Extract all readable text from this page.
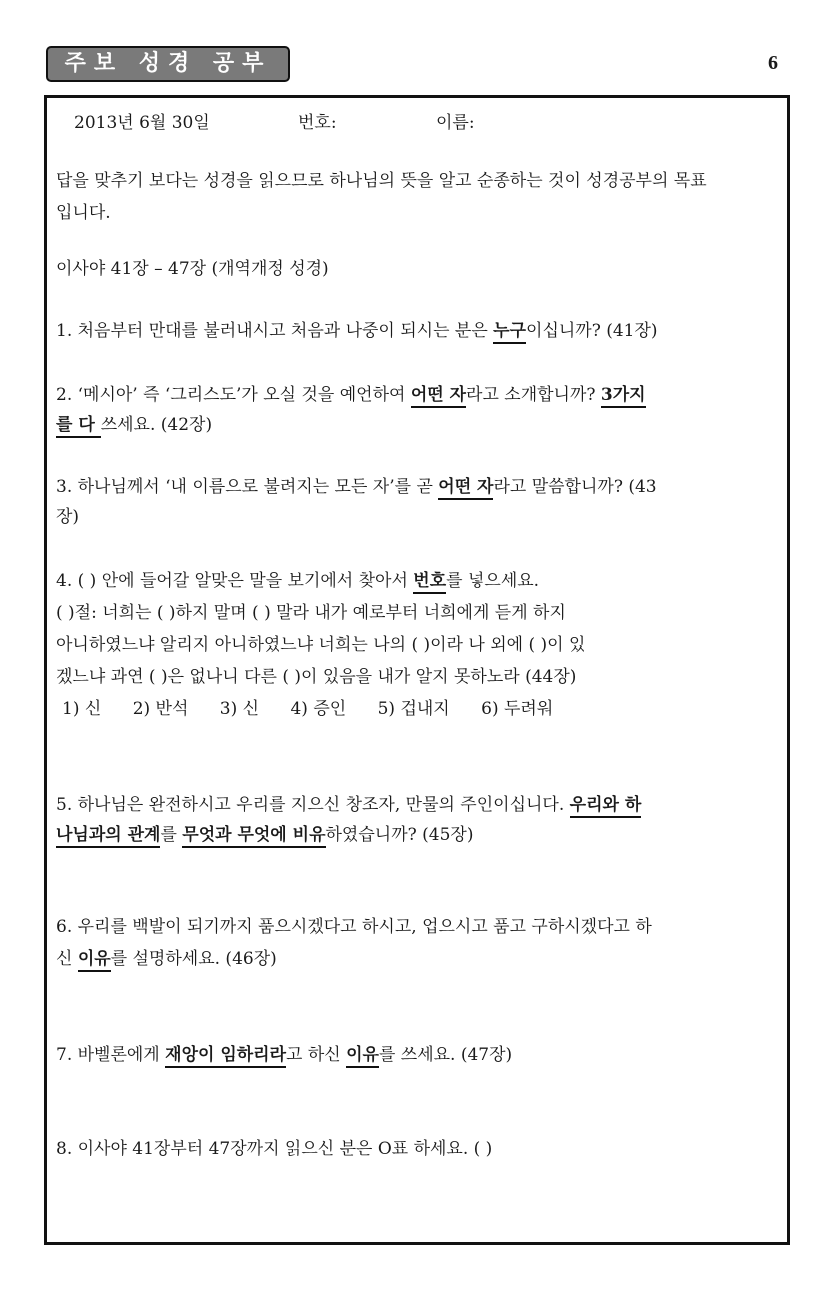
주보 성경 공부	6
2013년 6월 30일	번호:	이름:
답을 맞추기 보다는 성경을 읽으므로 하나님의 뜻을 알고 순종하는 것이 성경공부의 목표
입니다.
이사야 41장 – 47장 (개역개정 성경)
1. 처음부터 만대를 불러내시고 처음과 나중이 되시는 분은 누구이십니까? (41장)
2. ‘메시아’ 즉 ‘그리스도’가 오실 것을 예언하여 어떤 자라고 소개합니까? 3가지
를 다 쓰세요. (42장)
3. 하나님께서 ‘내 이름으로 불려지는 모든 자’를 곧 어떤 자라고 말씀합니까? (43
장)
4. ( ) 안에 들어갈 알맞은 말을 보기에서 찾아서 번호를 넣으세요.
( )절: 너희는 ( )하지 말며 ( ) 말라 내가 예로부터 너희에게 듣게 하지
아니하였느냐 알리지 아니하였느냐 너희는 나의 ( )이라 나 외에 ( )이 있
겠느냐 과연 ( )은 없나니 다른 ( )이 있음을 내가 알지 못하노라 (44장)
1) 신 2) 반석 3) 신 4) 증인 5) 겁내지 6) 두려워
5. 하나님은 완전하시고 우리를 지으신 창조자, 만물의 주인이십니다. 우리와 하
나님과의 관계를 무엇과 무엇에 비유하였습니까? (45장)
6. 우리를 백발이 되기까지 품으시겠다고 하시고, 업으시고 품고 구하시겠다고 하
신 이유를 설명하세요. (46장)
7. 바벨론에게 재앙이 임하리라고 하신 이유를 쓰세요. (47장)
8. 이사야 41장부터 47장까지 읽으신 분은 O표 하세요. ( )
